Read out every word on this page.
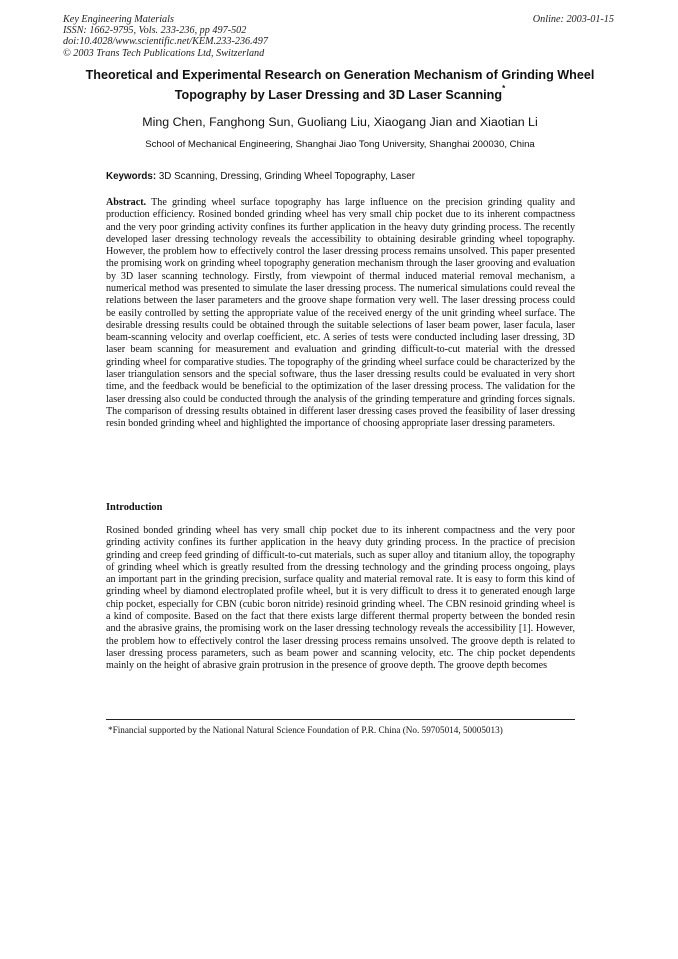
Key Engineering Materials
ISSN: 1662-9795, Vols. 233-236, pp 497-502
doi:10.4028/www.scientific.net/KEM.233-236.497
© 2003 Trans Tech Publications Ltd, Switzerland
Online: 2003-01-15
Theoretical and Experimental Research on Generation Mechanism of Grinding Wheel Topography by Laser Dressing and 3D Laser Scanning*
Ming Chen, Fanghong Sun, Guoliang Liu, Xiaogang Jian and Xiaotian Li
School of Mechanical Engineering, Shanghai Jiao Tong University, Shanghai 200030, China
Keywords: 3D Scanning, Dressing, Grinding Wheel Topography, Laser
Abstract. The grinding wheel surface topography has large influence on the precision grinding quality and production efficiency. Rosined bonded grinding wheel has very small chip pocket due to its inherent compactness and the very poor grinding activity confines its further application in the heavy duty grinding process. The recently developed laser dressing technology reveals the accessibility to obtaining desirable grinding wheel topography. However, the problem how to effectively control the laser dressing process remains unsolved. This paper presented the promising work on grinding wheel topography generation mechanism through the laser grooving and evaluation by 3D laser scanning technology. Firstly, from viewpoint of thermal induced material removal mechanism, a numerical method was presented to simulate the laser dressing process. The numerical simulations could reveal the relations between the laser parameters and the groove shape formation very well. The laser dressing process could be easily controlled by setting the appropriate value of the received energy of the unit grinding wheel surface. The desirable dressing results could be obtained through the suitable selections of laser beam power, laser facula, laser beam-scanning velocity and overlap coefficient, etc. A series of tests were conducted including laser dressing, 3D laser beam scanning for measurement and evaluation and grinding difficult-to-cut material with the dressed grinding wheel for comparative studies. The topography of the grinding wheel surface could be characterized by the laser triangulation sensors and the special software, thus the laser dressing results could be evaluated in very short time, and the feedback would be beneficial to the optimization of the laser dressing process. The validation for the laser dressing also could be conducted through the analysis of the grinding temperature and grinding forces signals. The comparison of dressing results obtained in different laser dressing cases proved the feasibility of laser dressing resin bonded grinding wheel and highlighted the importance of choosing appropriate laser dressing parameters.
Introduction
Rosined bonded grinding wheel has very small chip pocket due to its inherent compactness and the very poor grinding activity confines its further application in the heavy duty grinding process. In the practice of precision grinding and creep feed grinding of difficult-to-cut materials, such as super alloy and titanium alloy, the topography of grinding wheel which is greatly resulted from the dressing technology and the grinding process ongoing, plays an important part in the grinding precision, surface quality and material removal rate. It is easy to form this kind of grinding wheel by diamond electroplated profile wheel, but it is very difficult to dress it to generated enough large chip pocket, especially for CBN (cubic boron nitride) resinoid grinding wheel. The CBN resinoid grinding wheel is a kind of composite. Based on the fact that there exists large different thermal property between the bonded resin and the abrasive grains, the promising work on the laser dressing technology reveals the accessibility [1]. However, the problem how to effectively control the laser dressing process remains unsolved. The groove depth is related to laser dressing process parameters, such as beam power and scanning velocity, etc. The chip pocket dependents mainly on the height of abrasive grain protrusion in the presence of groove depth. The groove depth becomes
*Financial supported by the National Natural Science Foundation of P.R. China (No. 59705014, 50005013)
